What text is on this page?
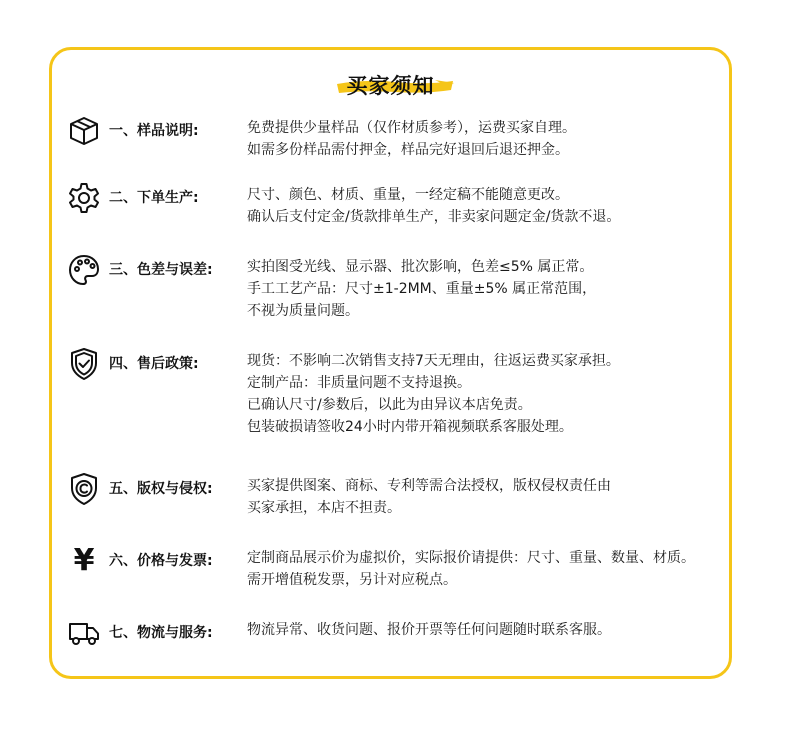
买家须知
一、样品说明:	免费提供少量样品（仅作材质参考），运费买家自理。
如需多份样品需付押金，样品完好退回后退还押金。
二、下单生产:	尺寸、颜色、材质、重量，一经定稿不能随意更改。
确认后支付定金/货款排单生产，非卖家问题定金/货款不退。
三、色差与误差: 实拍图受光线、显示器、批次影响，色差≤5% 属正常。
手工工艺产品：尺寸±1-2MM、重量±5% 属正常范围，
不视为质量问题。
四、售后政策:	现货：不影响二次销售支持7天无理由，往返运费买家承担。
定制产品：非质量问题不支持退换。
已确认尺寸/参数后，以此为由异议本店免责。
包装破损请签收24小时内带开箱视频联系客服处理。
五、版权与侵权: 买家提供图案、商标、专利等需合法授权，版权侵权责任由
买家承担，本店不担责。
¥	六、价格与发票: 定制商品展示价为虚拟价，实际报价请提供：尺寸、重量、数量、材质。
需开增值税发票，另计对应税点。
七、物流与服务: 物流异常、收货问题、报价开票等任何问题随时联系客服。
